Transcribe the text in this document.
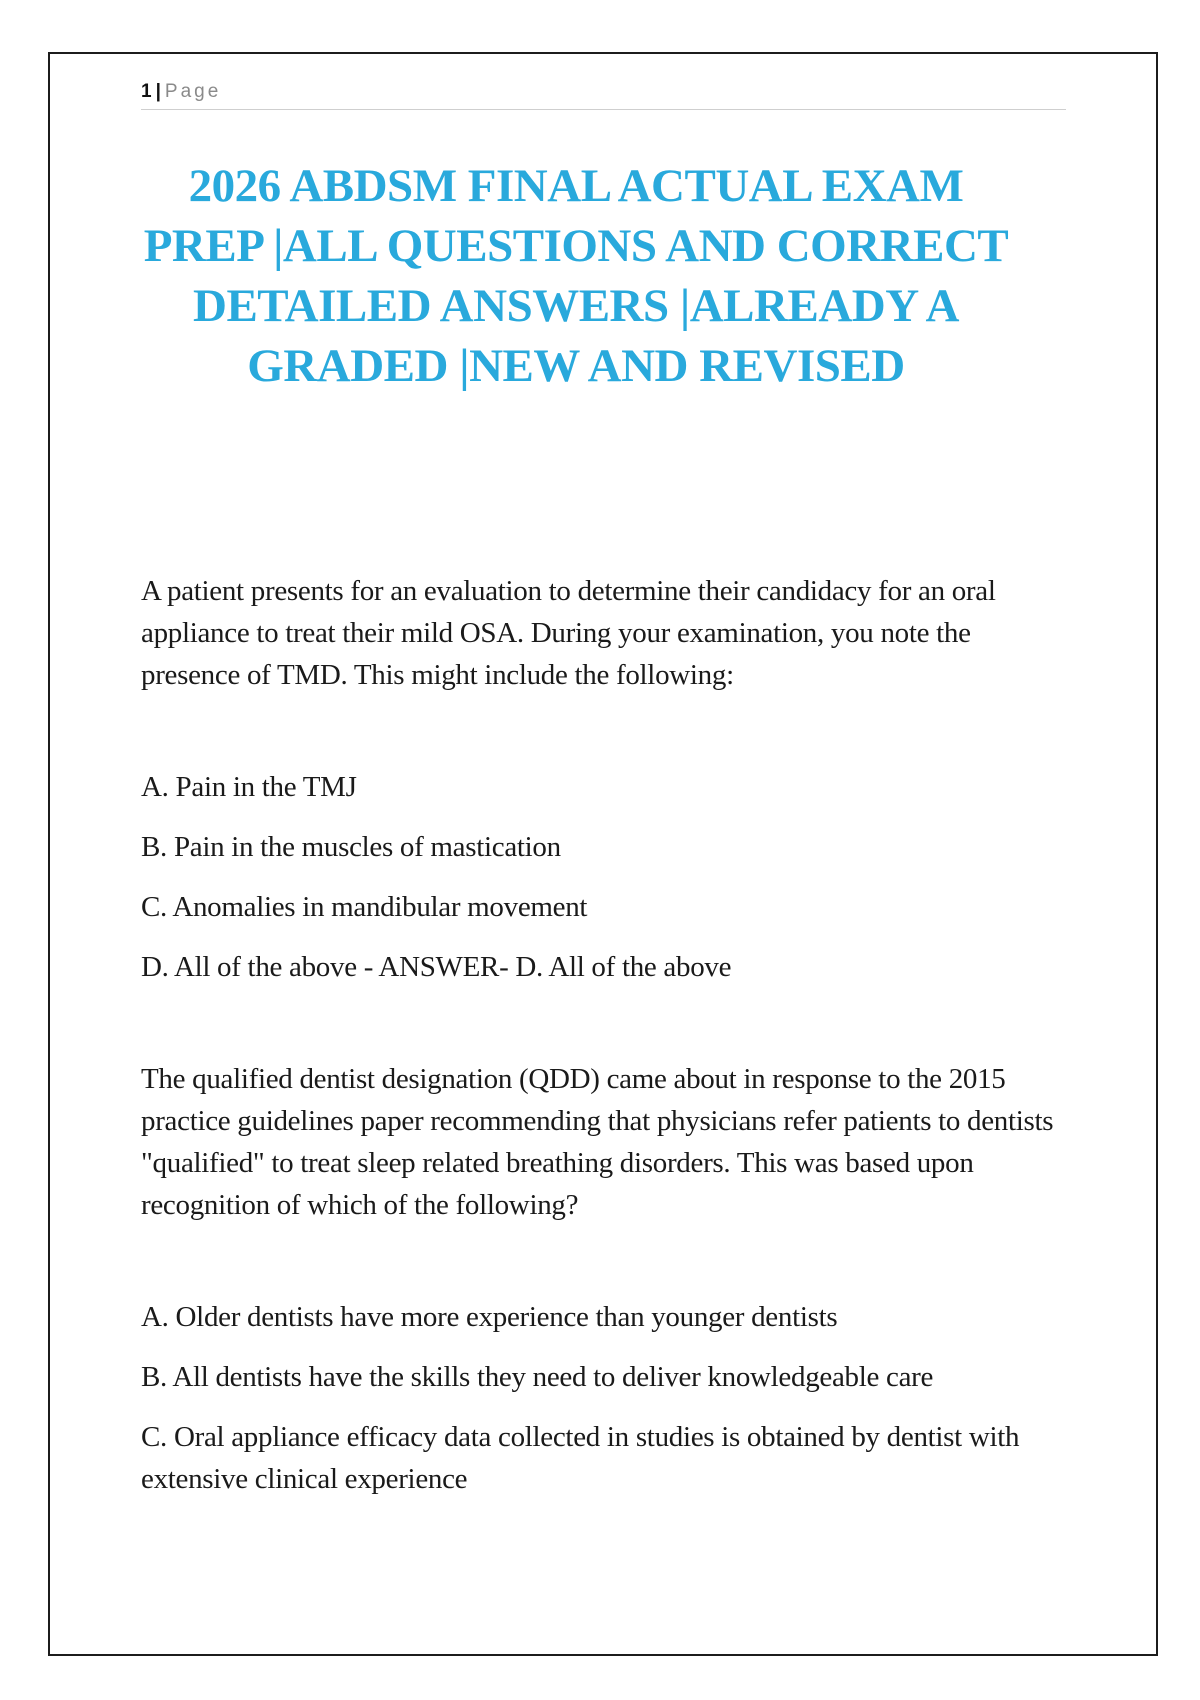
1 | Page
2026 ABDSM FINAL ACTUAL EXAM PREP |ALL QUESTIONS AND CORRECT DETAILED ANSWERS |ALREADY A GRADED |NEW AND REVISED

A patient presents for an evaluation to determine their candidacy for an oral appliance to treat their mild OSA. During your examination, you note the presence of TMD. This might include the following:

A. Pain in the TMJ

B. Pain in the muscles of mastication

C. Anomalies in mandibular movement

D. All of the above - ANSWER- D. All of the above

The qualified dentist designation (QDD) came about in response to the 2015 practice guidelines paper recommending that physicians refer patients to dentists "qualified" to treat sleep related breathing disorders. This was based upon recognition of which of the following?

A. Older dentists have more experience than younger dentists

B. All dentists have the skills they need to deliver knowledgeable care

C. Oral appliance efficacy data collected in studies is obtained by dentist with extensive clinical experience
